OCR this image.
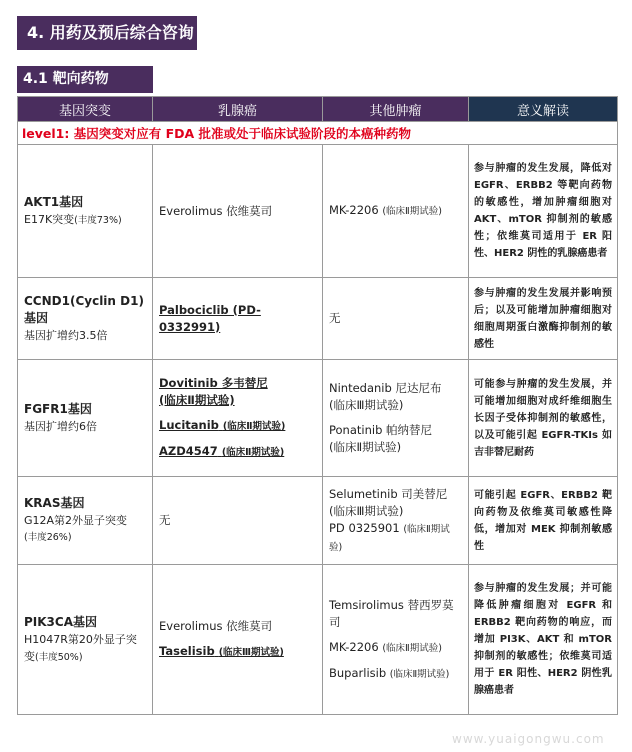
4. 用药及预后综合咨询
4.1 靶向药物
基因突变	乳腺癌	其他肿瘤	意义解读
level1: 基因突变对应有 FDA 批准或处于临床试验阶段的本癌种药物			

AKT1基因
E17K突变(丰度73%)	Everolimus 依维莫司	MK-2206 (临床Ⅱ期试验)	参与肿瘤的发生发展，降低对 EGFR、ERBB2 等靶向药物的敏感性，增加肿瘤细胞对 AKT、mTOR 抑制剂的敏感性；依维莫司适用于 ER 阳性、HER2 阴性的乳腺癌患者

CCND1(Cyclin D1)基因
基因扩增约3.5倍	Palbociclib (PD-0332991)	无	参与肿瘤的发生发展并影响预后；以及可能增加肿瘤细胞对细胞周期蛋白激酶抑制剂的敏感性

FGFR1基因
基因扩增约6倍	Dovitinib 多韦替尼
(临床Ⅱ期试验)
Lucitanib (临床Ⅱ期试验)
AZD4547 (临床Ⅱ期试验)	Nintedanib 尼达尼布
(临床Ⅲ期试验)
Ponatinib 帕纳替尼
(临床Ⅱ期试验)	可能参与肿瘤的发生发展，并可能增加细胞对成纤维细胞生长因子受体抑制剂的敏感性，以及可能引起 EGFR-TKIs 如吉非替尼耐药

KRAS基因
G12A第2外显子突变
(丰度26%)	无	Selumetinib 司美替尼
(临床Ⅲ期试验)
PD 0325901 (临床Ⅱ期试验)	可能引起 EGFR、ERBB2 靶向药物及依维莫司敏感性降低，增加对 MEK 抑制剂敏感性

PIK3CA基因
H1047R第20外显子突变(丰度50%)	Everolimus 依维莫司
Taselisib (临床Ⅲ期试验)	Temsirolimus 替西罗莫司
MK-2206 (临床Ⅱ期试验)
Buparlisib (临床Ⅱ期试验)	参与肿瘤的发生发展；并可能降低肿瘤细胞对 EGFR 和 ERBB2 靶向药物的响应，而增加 PI3K、AKT 和 mTOR 抑制剂的敏感性；依维莫司适用于 ER 阳性、HER2 阴性乳腺癌患者
www.yuaigongwu.com
